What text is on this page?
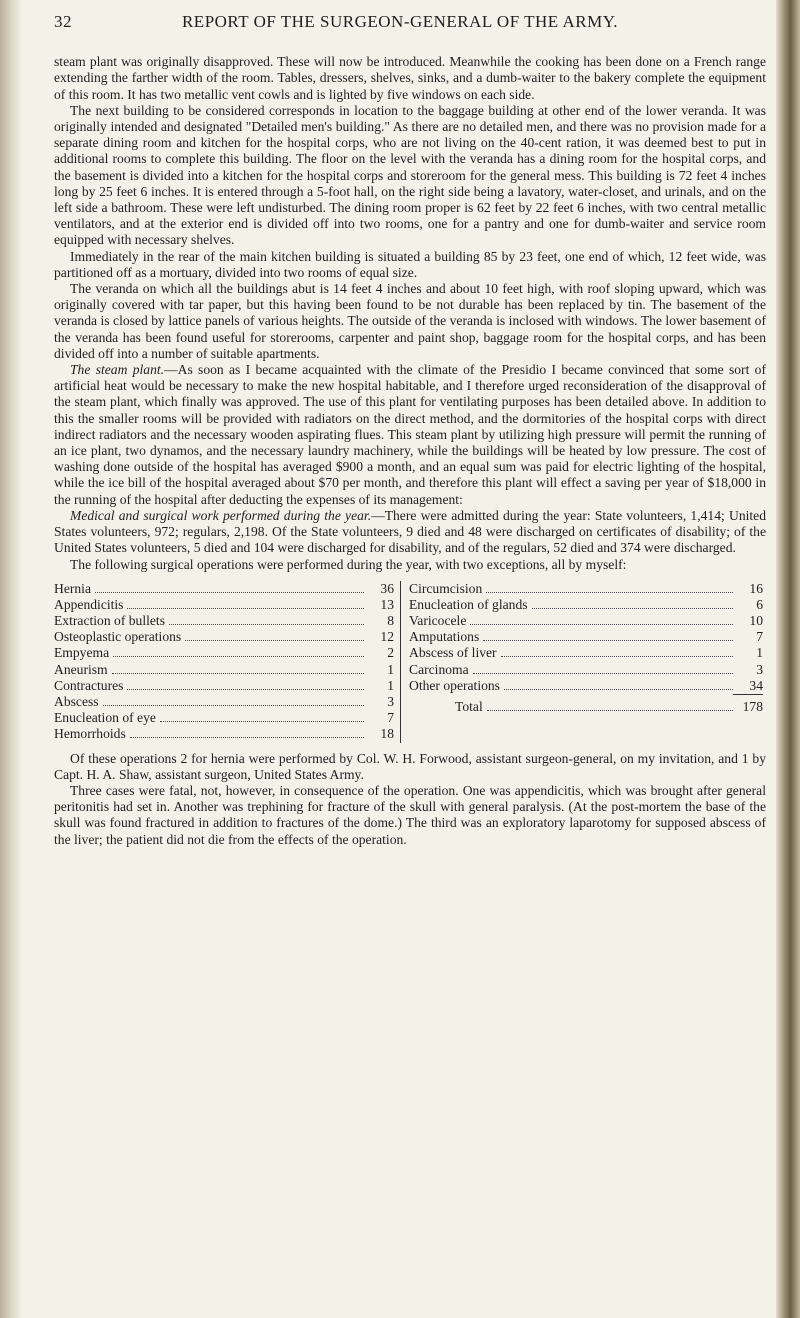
32	REPORT OF THE SURGEON-GENERAL OF THE ARMY.

steam plant was originally disapproved. These will now be introduced. Meanwhile the cooking has been done on a French range extending the farther width of the room. Tables, dressers, shelves, sinks, and a dumb-waiter to the bakery complete the equipment of this room. It has two metallic vent cowls and is lighted by five windows on each side.

The next building to be considered corresponds in location to the baggage building at other end of the lower veranda. It was originally intended and designated "Detailed men's building." As there are no detailed men, and there was no provision made for a separate dining room and kitchen for the hospital corps, who are not living on the 40-cent ration, it was deemed best to put in additional rooms to complete this building. The floor on the level with the veranda has a dining room for the hospital corps, and the basement is divided into a kitchen for the hospital corps and storeroom for the general mess. This building is 72 feet 4 inches long by 25 feet 6 inches. It is entered through a 5-foot hall, on the right side being a lavatory, water-closet, and urinals, and on the left side a bathroom. These were left undisturbed. The dining room proper is 62 feet by 22 feet 6 inches, with two central metallic ventilators, and at the exterior end is divided off into two rooms, one for a pantry and one for dumb-waiter and service room equipped with necessary shelves.

Immediately in the rear of the main kitchen building is situated a building 85 by 23 feet, one end of which, 12 feet wide, was partitioned off as a mortuary, divided into two rooms of equal size.

The veranda on which all the buildings abut is 14 feet 4 inches and about 10 feet high, with roof sloping upward, which was originally covered with tar paper, but this having been found to be not durable has been replaced by tin. The basement of the veranda is closed by lattice panels of various heights. The outside of the veranda is inclosed with windows. The lower basement of the veranda has been found useful for storerooms, carpenter and paint shop, baggage room for the hospital corps, and has been divided off into a number of suitable apartments.

The steam plant.—As soon as I became acquainted with the climate of the Presidio I became convinced that some sort of artificial heat would be necessary to make the new hospital habitable, and I therefore urged reconsideration of the disapproval of the steam plant, which finally was approved. The use of this plant for ventilating purposes has been detailed above. In addition to this the smaller rooms will be provided with radiators on the direct method, and the dormitories of the hospital corps with direct indirect radiators and the necessary wooden aspirating flues. This steam plant by utilizing high pressure will permit the running of an ice plant, two dynamos, and the necessary laundry machinery, while the buildings will be heated by low pressure. The cost of washing done outside of the hospital has averaged $900 a month, and an equal sum was paid for electric lighting of the hospital, while the ice bill of the hospital averaged about $70 per month, and therefore this plant will effect a saving per year of $18,000 in the running of the hospital after deducting the expenses of its management:

Medical and surgical work performed during the year.—There were admitted during the year: State volunteers, 1,414; United States volunteers, 972; regulars, 2,198. Of the State volunteers, 9 died and 48 were discharged on certificates of disability; of the United States volunteers, 5 died and 104 were discharged for disability, and of the regulars, 52 died and 374 were discharged.

The following surgical operations were performed during the year, with two exceptions, all by myself:

Hernia	36
Appendicitis	13
Extraction of bullets	8
Osteoplastic operations	12
Empyema	2
Aneurism	1
Contractures	1
Abscess	3
Enucleation of eye	7
Hemorrhoids	18
Circumcision	16
Enucleation of glands	6
Varicocele	10
Amputations	7
Abscess of liver	1
Carcinoma	3
Other operations	34
Total	178

Of these operations 2 for hernia were performed by Col. W. H. Forwood, assistant surgeon-general, on my invitation, and 1 by Capt. H. A. Shaw, assistant surgeon, United States Army.

Three cases were fatal, not, however, in consequence of the operation. One was appendicitis, which was brought after general peritonitis had set in. Another was trephining for fracture of the skull with general paralysis. (At the post-mortem the base of the skull was found fractured in addition to fractures of the dome.) The third was an exploratory laparotomy for supposed abscess of the liver; the patient did not die from the effects of the operation.
